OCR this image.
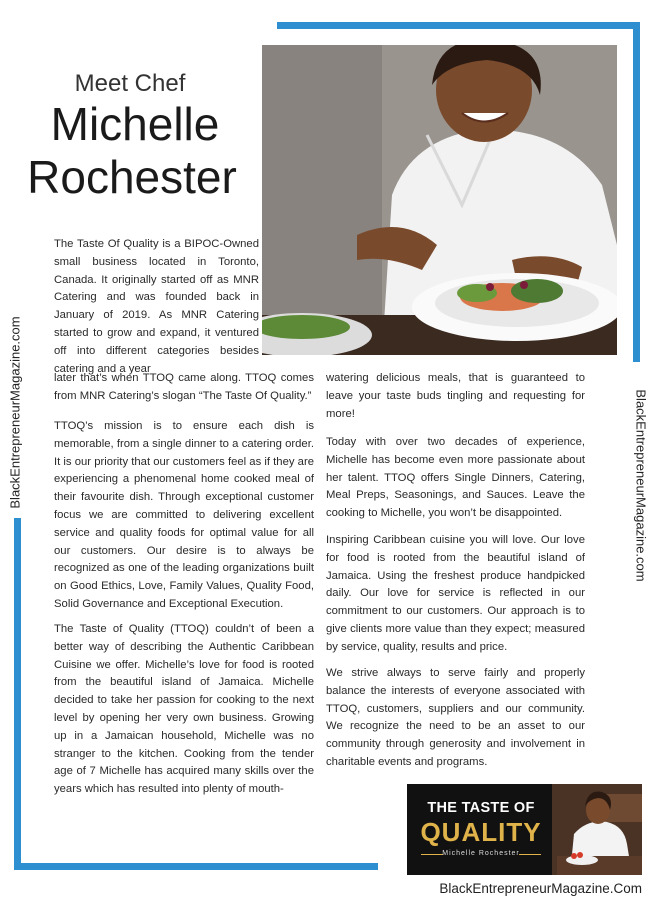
BlackEntrepreneurMagazine.com	BlackEntrepreneurMagazine.com
Meet Chef
Michelle
Rochester

The Taste Of Quality is a BIPOC-Owned small business located in Toronto, Canada. It originally started off as MNR Catering and was founded back in January of 2019. As MNR Catering started to grow and expand, it ventured off into different categories besides catering and a year

later that’s when TTOQ came along. TTOQ comes from MNR Catering’s slogan “The Taste Of Quality.”

TTOQ’s mission is to ensure each dish is memorable, from a single dinner to a catering order. It is our priority that our customers feel as if they are experiencing a phenomenal home cooked meal of their favourite dish. Through exceptional customer focus we are committed to delivering excellent service and quality foods for optimal value for all our customers. Our desire is to always be recognized as one of the leading organizations built on Good Ethics, Love, Family Values, Quality Food, Solid Governance and Exceptional Execution.

The Taste of Quality (TTOQ) couldn’t of been a better way of describing the Authentic Caribbean Cuisine we offer. Michelle’s love for food is rooted from the beautiful island of Jamaica. Michelle decided to take her passion for cooking to the next level by opening her very own business. Growing up in a Jamaican household, Michelle was no stranger to the kitchen. Cooking from the tender age of 7 Michelle has acquired many skills over the years which has resulted into plenty of mouth-

watering delicious meals, that is guaranteed to leave your taste buds tingling and requesting for more!

Today with over two decades of experience, Michelle has become even more passionate about her talent. TTOQ offers Single Dinners, Catering, Meal Preps, Seasonings, and Sauces. Leave the cooking to Michelle, you won’t be disappointed.

Inspiring Caribbean cuisine you will love. Our love for food is rooted from the beautiful island of Jamaica. Using the freshest produce handpicked daily. Our love for service is reflected in our commitment to our customers. Our approach is to give clients more value than they expect; measured by service, quality, results and price.

We strive always to serve fairly and properly balance the interests of everyone associated with TTOQ, customers, suppliers and our community. We recognize the need to be an asset to our community through generosity and involvement in charitable events and programs.

THE TASTE OF
QUALITY
Michelle Rochester
BlackEntrepreneurMagazine.Com
